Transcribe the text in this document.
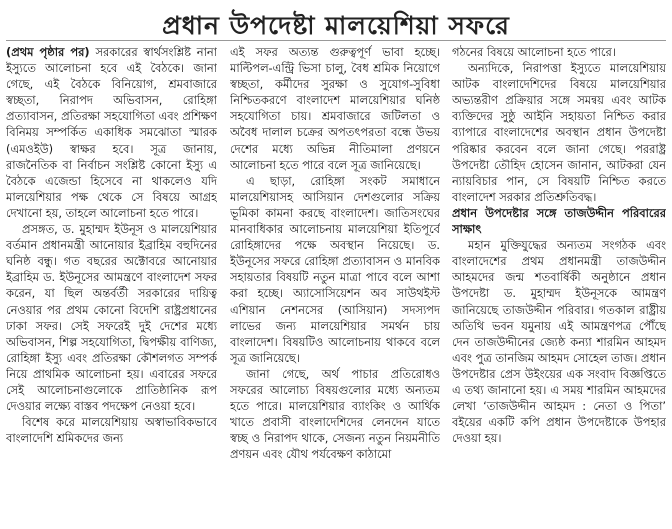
প্রধান উপদেষ্টা মালয়েশিয়া সফরে

(প্রথম পৃষ্ঠার পর) সরকারের স্বার্থসংশ্লিষ্ট নানা ইস্যুতে আলোচনা হবে এই বৈঠকে। জানা গেছে, এই বৈঠকে বিনিয়োগ, শ্রমবাজারে স্বচ্ছতা, নিরাপদ অভিবাসন, রোহিঙ্গা প্রত্যাবাসন, প্রতিরক্ষা সহযোগিতা এবং প্রশিক্ষণ বিনিময় সম্পর্কিত একাধিক সমঝোতা স্মারক (এমওইউ) স্বাক্ষর হবে। সূত্র জানায়, রাজনৈতিক বা নির্বাচন সংশ্লিষ্ট কোনো ইস্যু এ বৈঠকে এজেন্ডা হিসেবে না থাকলেও যদি মালয়েশিয়ার পক্ষ থেকে সে বিষয়ে আগ্রহ দেখানো হয়, তাহলে আলোচনা হতে পারে।

প্রসঙ্গত, ড. মুহাম্মদ ইউনূস ও মালয়েশিয়ার বর্তমান প্রধানমন্ত্রী আনোয়ার ইব্রাহিম বহুদিনের ঘনিষ্ঠ বন্ধু। গত বছরের অক্টোবরে আনোয়ার ইব্রাহিম ড. ইউনূসের আমন্ত্রণে বাংলাদেশ সফর করেন, যা ছিল অন্তর্বর্তী সরকারের দায়িত্ব নেওয়ার পর প্রথম কোনো বিদেশি রাষ্ট্রপ্রধানের ঢাকা সফর। সেই সফরেই দুই দেশের মধ্যে অভিবাসন, শিল্প সহযোগিতা, দ্বিপক্ষীয় বাণিজ্য, রোহিঙ্গা ইস্যু এবং প্রতিরক্ষা কৌশলগত সম্পর্ক নিয়ে প্রাথমিক আলোচনা হয়। এবারের সফরে সেই আলোচনাগুলোকে প্রাতিষ্ঠানিক রূপ দেওয়ার লক্ষ্যে বাস্তব পদক্ষেপ নেওয়া হবে।

বিশেষ করে মালয়েশিয়ায় অস্বাভাবিকভাবে বাংলাদেশি শ্রমিকদের জন্য

এই সফর অত্যন্ত গুরুত্বপূর্ণ ভাবা হচ্ছে। মাল্টিপল-এন্ট্রি ভিসা চালু, বৈধ শ্রমিক নিয়োগে স্বচ্ছতা, কর্মীদের সুরক্ষা ও সুযোগ-সুবিধা নিশ্চিতকরণে বাংলাদেশ মালয়েশিয়ার ঘনিষ্ঠ সহযোগিতা চায়। শ্রমবাজারে জটিলতা ও অবৈধ দালাল চক্রের অপতৎপরতা বন্ধে উভয় দেশের মধ্যে অভিন্ন নীতিমালা প্রণয়নে আলোচনা হতে পারে বলে সূত্র জানিয়েছে।

এ ছাড়া, রোহিঙ্গা সংকট সমাধানে মালয়েশিয়াসহ আসিয়ান দেশগুলোর সক্রিয় ভূমিকা কামনা করছে বাংলাদেশ। জাতিসংঘের মানবাধিকার আলোচনায় মালয়েশিয়া ইতিপূর্বে রোহিঙ্গাদের পক্ষে অবস্থান নিয়েছে। ড. ইউনূসের সফরে রোহিঙ্গা প্রত্যাবাসন ও মানবিক সহায়তার বিষয়টি নতুন মাত্রা পাবে বলে আশা করা হচ্ছে। অ্যাসোসিয়েশন অব সাউথইস্ট এশিয়ান নেশনসের (আসিয়ান) সদস্যপদ লাভের জন্য মালয়েশিয়ার সমর্থন চায় বাংলাদেশ। বিষয়টিও আলোচনায় থাকবে বলে সূত্র জানিয়েছে।

জানা গেছে, অর্থ পাচার প্রতিরোধও সফরের আলোচ্য বিষয়গুলোর মধ্যে অন্যতম হতে পারে। মালয়েশিয়ার ব্যাংকিং ও আর্থিক খাতে প্রবাসী বাংলাদেশিদের লেনদেন যাতে স্বচ্ছ ও নিরাপদ থাকে, সেজন্য নতুন নিয়মনীতি প্রণয়ন এবং যৌথ পর্যবেক্ষণ কাঠামো

গঠনের বিষয়ে আলোচনা হতে পারে।

অন্যদিকে, নিরাপত্তা ইস্যুতে মালয়েশিয়ায় আটক বাংলাদেশিদের বিষয়ে মালয়েশিয়ার অভ্যন্তরীণ প্রক্রিয়ার সঙ্গে সমন্বয় এবং আটক ব্যক্তিদের সুষ্ঠু আইনি সহায়তা নিশ্চিত করার ব্যাপারে বাংলাদেশের অবস্থান প্রধান উপদেষ্টা পরিষ্কার করবেন বলে জানা গেছে। পররাষ্ট্র উপদেষ্টা তৌহিদ হোসেন জানান, আটকরা যেন ন্যায়বিচার পান, সে বিষয়টি নিশ্চিত করতে বাংলাদেশ সরকার প্রতিশ্রুতিবদ্ধ।

প্রধান উপদেষ্টার সঙ্গে তাজউদ্দীন পরিবারের সাক্ষাৎ

মহান মুক্তিযুদ্ধের অন্যতম সংগঠক এবং বাংলাদেশের প্রথম প্রধানমন্ত্রী তাজউদ্দীন আহমদের জন্ম শতবার্ষিকী অনুষ্ঠানে প্রধান উপদেষ্টা ড. মুহাম্মদ ইউনূসকে আমন্ত্রণ জানিয়েছে তাজউদ্দীন পরিবার। গতকাল রাষ্ট্রীয় অতিথি ভবন যমুনায় এই আমন্ত্রণপত্র পৌঁছে দেন তাজউদ্দীনের জ্যেষ্ঠ কন্যা শারমিন আহমদ এবং পুত্র তানজিম আহমদ সোহেল তাজ। প্রধান উপদেষ্টার প্রেস উইংয়ের এক সংবাদ বিজ্ঞপ্তিতে এ তথ্য জানানো হয়। এ সময় শারমিন আহমদের লেখা ‘তাজউদ্দীন আহমদ : নেতা ও পিতা’ বইয়ের একটি কপি প্রধান উপদেষ্টাকে উপহার দেওয়া হয়।
